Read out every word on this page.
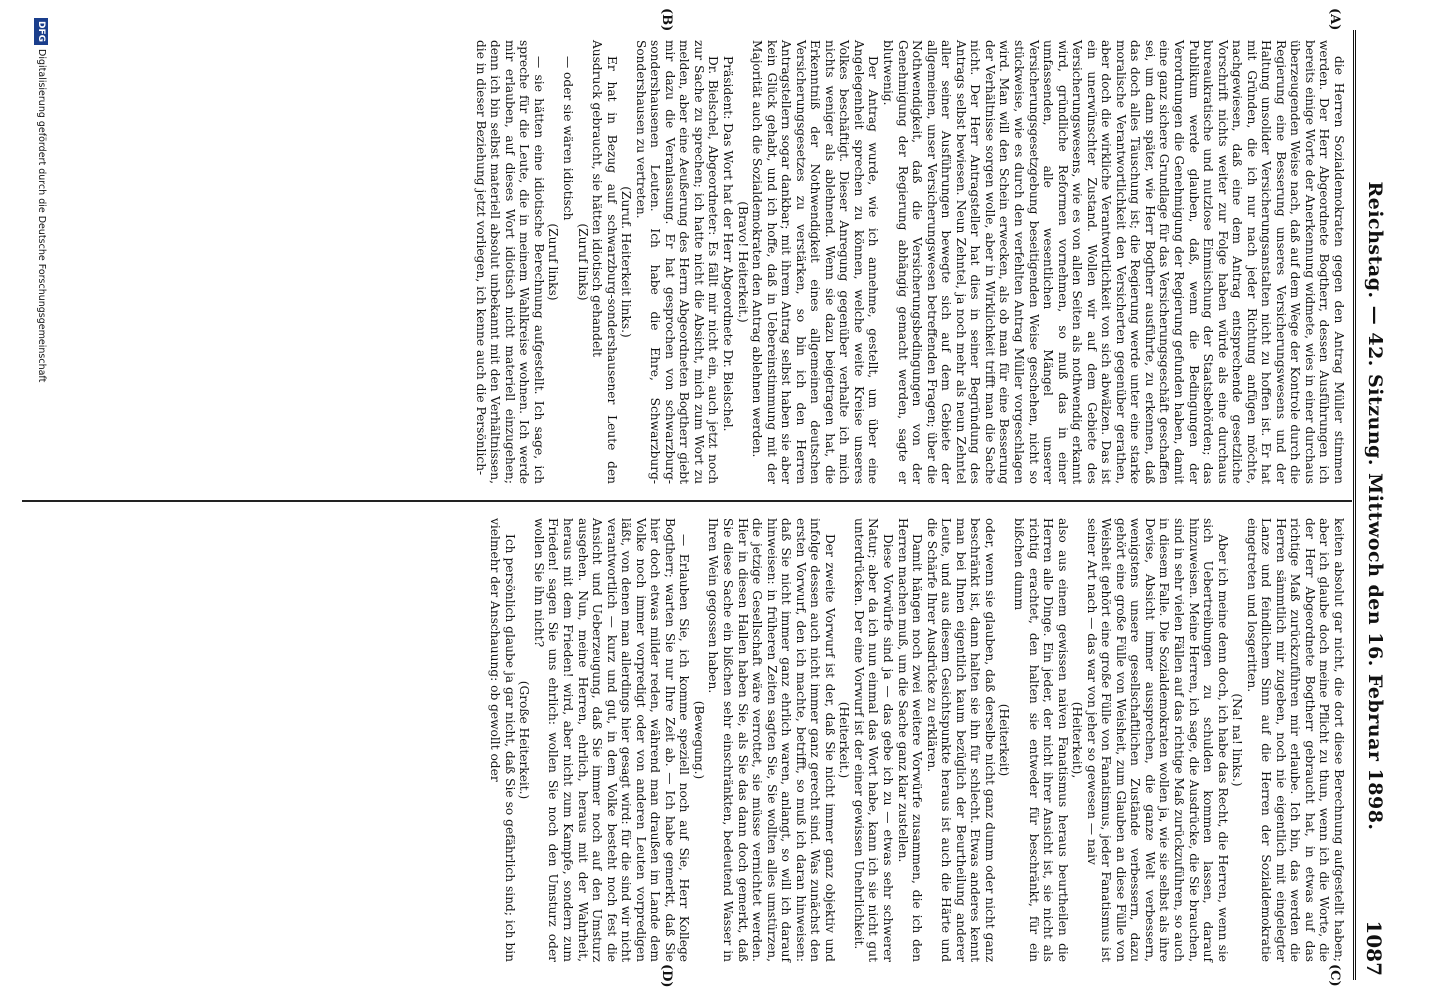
Reichstag. — 42. Sitzung. Mittwoch den 16. Februar 1898.
1087
(A)
(B)
(C)
(D)

die Herren Sozialdemokraten gegen den Antrag Müller stimmen werden. Der Herr Abgeordnete Bogtherr, dessen Ausführungen ich bereits einige Worte der Anerkennung widmete, wies in einer durchaus überzeugenden Weise nach, daß auf dem Wege der Kontrole durch die Regierung eine Besserung unseres Versicherungswesens und der Haltung unsolider Versicherungsanstalten nicht zu hoffen ist. Er hat mit Gründen, die ich nur nach jeder Richtung anfügen möchte, nachgewiesen, daß eine dem Antrag entsprechende gesetzliche Vorschrift nichts weiter zur Folge haben würde als eine durchaus bureaukratische und nutzlose Einmischung der Staatsbehörden; das Publikum werde glauben, daß, wenn die Bedingungen der Verordnungen die Genehmigung der Regierung gefunden haben, damit eine ganz sichere Grundlage für das Versicherungsgeschäft geschaffen sei, um dann später, wie Herr Bogtherr ausführte, zu erkennen, daß das doch alles Täuschung ist; die Regierung werde unter eine starke moralische Verantwortlichkeit den Versicherten gegenüber gerathen, aber doch die wirkliche Verantwortlichkeit von sich abwälzen. Das ist ein unerwünschter Zustand. Wollen wir auf dem Gebiete des Versicherungswesens, wie es von allen Seiten als nothwendig erkannt wird, gründliche Reformen vornehmen, so muß das in einer umfassenden, alle wesentlichen Mängel unserer Versicherungsgesetzgebung beseitigenden Weise geschehen, nicht so stückweise, wie es durch den verfehlten Antrag Müller vorgeschlagen wird. Man will den Schein erwecken, als ob man für eine Besserung der Verhältnisse sorgen wolle, aber in Wirklichkeit trifft man die Sache nicht. Der Herr Antragsteller hat dies in seiner Begründung des Antrags selbst bewiesen. Neun Zehntel, ja noch mehr als neun Zehntel aller seiner Ausführungen bewegte sich auf dem Gebiete der allgemeinen, unser Versicherungswesen betreffenden Fragen; über die Nothwendigkeit, daß die Versicherungsbedingungen von der Genehmigung der Regierung abhängig gemacht werden, sagte er blutwenig.

Der Antrag wurde, wie ich annehme, gestellt, um über eine Angelegenheit sprechen zu können, welche weite Kreise unseres Volkes beschäftigt. Dieser Anregung gegenüber verhalte ich mich nichts weniger als ablehnend. Wenn sie dazu beigetragen hat, die Erkenntniß der Nothwendigkeit eines allgemeinen deutschen Versicherungsgesetzes zu verstärken, so bin ich den Herren Antragstellern sogar dankbar; mit ihrem Antrag selbst haben sie aber kein Glück gehabt, und ich hoffe, daß in Uebereinstimmung mit der Majorität auch die Sozialdemokraten den Antrag ablehnen werden.

(Bravo! Heiterkeit.)

Präsident: Das Wort hat der Herr Abgeordnete Dr. Bielschel.

Dr. Bielschel, Abgeordneter: Es fällt mir nicht ein, auch jetzt noch zur Sache zu sprechen; ich hatte nicht die Absicht, mich zum Wort zu melden, aber eine Aeußerung des Herrn Abgeordneten Bogtherr giebt mir dazu die Veranlassung. Er hat gesprochen von schwarzburg-sondershausenen Leuten. Ich habe die Ehre, Schwarzburg-Sondershausen zu vertreten.

(Zuruf. Heiterkeit links.)

Er hat in Bezug auf schwarzburg-sondershausener Leute den Ausdruck gebraucht, sie hätten idiotisch gehandelt

(Zuruf links)

— oder sie wären idiotisch

(Zuruf links)

— sie hätten eine idiotische Berechnung aufgestellt. Ich sage, ich spreche für die Leute, die in meinem Wahlkreise wohnen. Ich werde mir erlauben, auf dieses Wort idiotisch nicht materiell einzugehen; denn ich bin selbst materiell absolut unbekannt mit den Verhältnissen, die in dieser Beziehung jetzt vorliegen, ich kenne auch die Persönlich-

keiten absolut gar nicht, die dort diese Berechnung aufgestellt haben; aber ich glaube doch meine Pflicht zu thun, wenn ich die Worte, die der Herr Abgeordnete Bogtherr gebraucht hat, in etwas auf das richtige Maß zurückzuführen mir erlaube. Ich bin, das werden die Herren sämmtlich mir zugeben, noch nie eigentlich mit eingelegter Lanze und feindlichem Sinn auf die Herren der Sozialdemokratie eingetreten und losgeritten.

(Na! na! links.)

Aber ich meine denn doch, ich habe das Recht, die Herren, wenn sie sich Uebertreibungen zu schulden kommen lassen, darauf hinzuweisen. Meine Herren, ich sage, die Ausdrücke, die Sie brauchen, sind in sehr vielen Fällen auf das richtige Maß zurückzuführen, so auch in diesem Falle. Die Sozialdemokraten wollen ja, wie sie selbst als ihre Devise, Absicht immer aussprechen, die ganze Welt verbessern, wenigstens unsere gesellschaftlichen Zustände verbessern, dazu gehört eine große Fülle von Weisheit, zum Glauben an diese Fülle von Weisheit gehört eine große Fülle von Fanatismus, jeder Fanatismus ist seiner Art nach — das war von jeher so gewesen — naiv

(Heiterkeit),

also aus einem gewissen naiven Fanatismus heraus beurtheilen die Herren alle Dinge. Ein jeder, der nicht ihrer Ansicht ist, sie nicht als richtig erachtet, den halten sie entweder für beschränkt, für ein bißchen dumm

(Heiterkeit)

oder, wenn sie glauben, daß derselbe nicht ganz dumm oder nicht ganz beschränkt ist, dann halten sie ihn für schlecht. Etwas anderes kennt man bei Ihnen eigentlich kaum bezüglich der Beurtheilung anderer Leute, und aus diesem Gesichtspunkte heraus ist auch die Härte und die Schärfe Ihrer Ausdrücke zu erklären.

Damit hängen noch zwei weitere Vorwürfe zusammen, die ich den Herren machen muß, um die Sache ganz klar zustellen.

Diese Vorwürfe sind ja — das gebe ich zu — etwas sehr schwerer Natur; aber da ich nun einmal das Wort habe, kann ich sie nicht gut unterdrücken. Der eine Vorwurf ist der einer gewissen Unehrlichkeit.

(Heiterkeit.)

Der zweite Vorwurf ist der, daß Sie nicht immer ganz objektiv und infolge dessen auch nicht immer ganz gerecht sind. Was zunächst den ersten Vorwurf, den ich machte, betrifft, so muß ich daran hinweisen: daß Sie nicht immer ganz ehrlich waren, anlangt, so will ich darauf hinweisen: in früheren Zeiten sagten Sie, Sie wollten alles umstürzen, die jetzige Gesellschaft wäre verrottet, sie müsse vernichtet werden. Hier in diesen Hallen haben Sie, als Sie das dann doch gemerkt, daß Sie diese Sache ein bißchen sehr einschränkten, bedeutend Wasser in Ihren Wein gegossen haben.

(Bewegung.)

— Erlauben Sie, ich komme speziell noch auf Sie, Herr Kollege Bogtherr; warten Sie nur Ihre Zeit ab. — Ich habe gemerkt, daß Sie hier doch etwas milder reden, während man draußen im Lande dem Volke noch immer vorpredigt oder von anderen Leuten vorpredigen läßt, von denen man allerdings hier gesagt wird: für die sind wir nicht verantwortlich — kurz und gut, in dem Volke besteht noch fest die Ansicht und Ueberzeugung, daß Sie immer noch auf den Umsturz ausgehen. Nun, meine Herren, ehrlich, heraus mit der Wahrheit, heraus mit dem Frieden! wird, aber nicht zum Kampfe, sondern zum Frieden! sagen Sie uns ehrlich: wollen Sie noch den Umsturz oder wollen Sie ihn nicht?

(Große Heiterkeit.)

Ich persönlich glaube ja gar nicht, daß Sie so gefährlich sind; ich bin vielmehr der Anschauung: ob gewollt oder

DFGDigitalisierung gefördert durch die Deutsche Forschungsgemeinschaft
